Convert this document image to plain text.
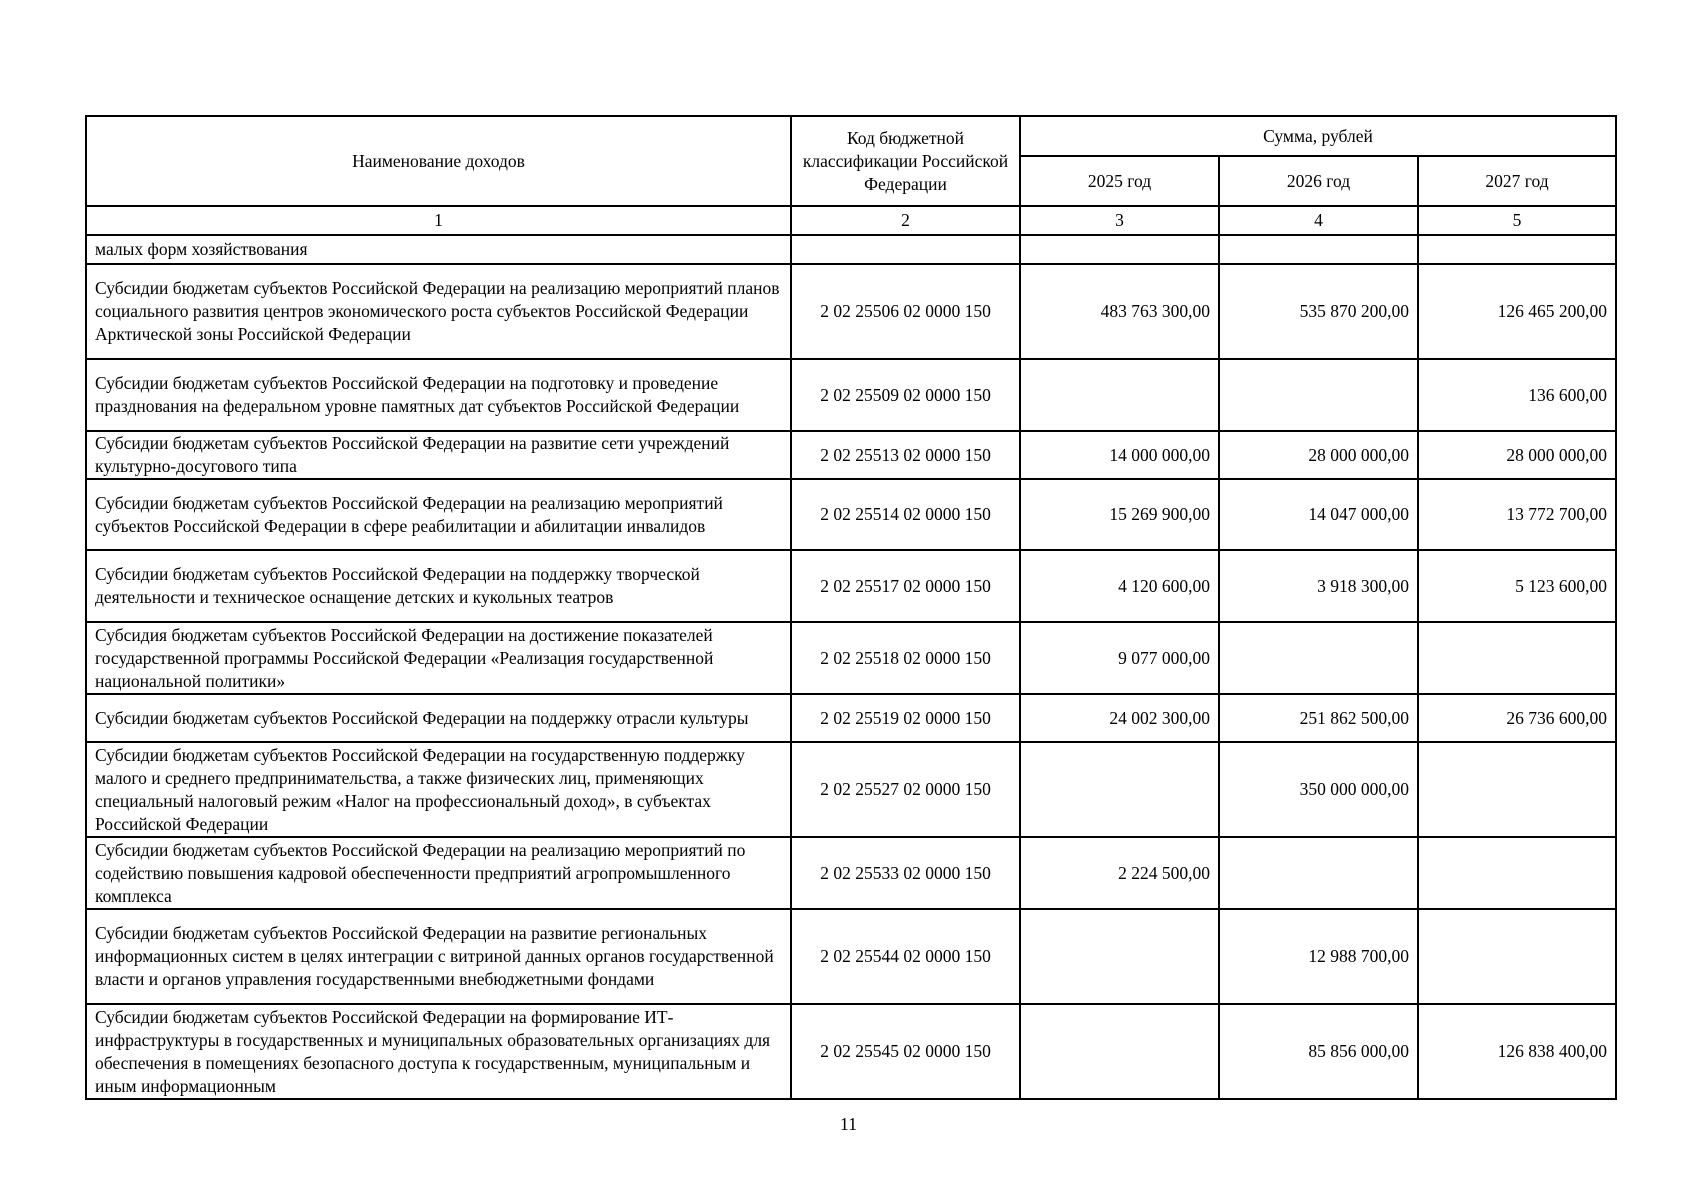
Наименование доходов	Код бюджетной классификации Российской Федерации	Сумма, рублей		
		2025 год	2026 год	2027 год
1	2	3	4	5
малых форм хозяйствования				
Субсидии бюджетам субъектов Российской Федерации на реализацию мероприятий планов социального развития центров экономического роста субъектов Российской Федерации Арктической зоны Российской Федерации	2 02 25506 02 0000 150	483 763 300,00	535 870 200,00	126 465 200,00
Субсидии бюджетам субъектов Российской Федерации на подготовку и проведение празднования на федеральном уровне памятных дат субъектов Российской Федерации	2 02 25509 02 0000 150			136 600,00
Субсидии бюджетам субъектов Российской Федерации на развитие сети учреждений культурно-досугового типа	2 02 25513 02 0000 150	14 000 000,00	28 000 000,00	28 000 000,00
Субсидии бюджетам субъектов Российской Федерации на реализацию мероприятий субъектов Российской Федерации в сфере реабилитации и абилитации инвалидов	2 02 25514 02 0000 150	15 269 900,00	14 047 000,00	13 772 700,00
Субсидии бюджетам субъектов Российской Федерации на поддержку творческой деятельности и техническое оснащение детских и кукольных театров	2 02 25517 02 0000 150	4 120 600,00	3 918 300,00	5 123 600,00
Субсидия бюджетам субъектов Российской Федерации на достижение показателей государственной программы Российской Федерации «Реализация государственной национальной политики»	2 02 25518 02 0000 150	9 077 000,00		
Субсидии бюджетам субъектов Российской Федерации на поддержку отрасли культуры	2 02 25519 02 0000 150	24 002 300,00	251 862 500,00	26 736 600,00
Субсидии бюджетам субъектов Российской Федерации на государственную поддержку малого и среднего предпринимательства, а также физических лиц, применяющих специальный налоговый режим «Налог на профессиональный доход», в субъектах Российской Федерации	2 02 25527 02 0000 150		350 000 000,00	
Субсидии бюджетам субъектов Российской Федерации на реализацию мероприятий по содействию повышения кадровой обеспеченности предприятий агропромышленного комплекса	2 02 25533 02 0000 150	2 224 500,00		
Субсидии бюджетам субъектов Российской Федерации на развитие региональных информационных систем в целях интеграции с витриной данных органов государственной власти и органов управления государственными внебюджетными фондами	2 02 25544 02 0000 150		12 988 700,00	
Субсидии бюджетам субъектов Российской Федерации на формирование ИТ-инфраструктуры в государственных и муниципальных образовательных организациях для обеспечения в помещениях безопасного доступа к государственным, муниципальным и иным информационным	2 02 25545 02 0000 150		85 856 000,00	126 838 400,00
11
